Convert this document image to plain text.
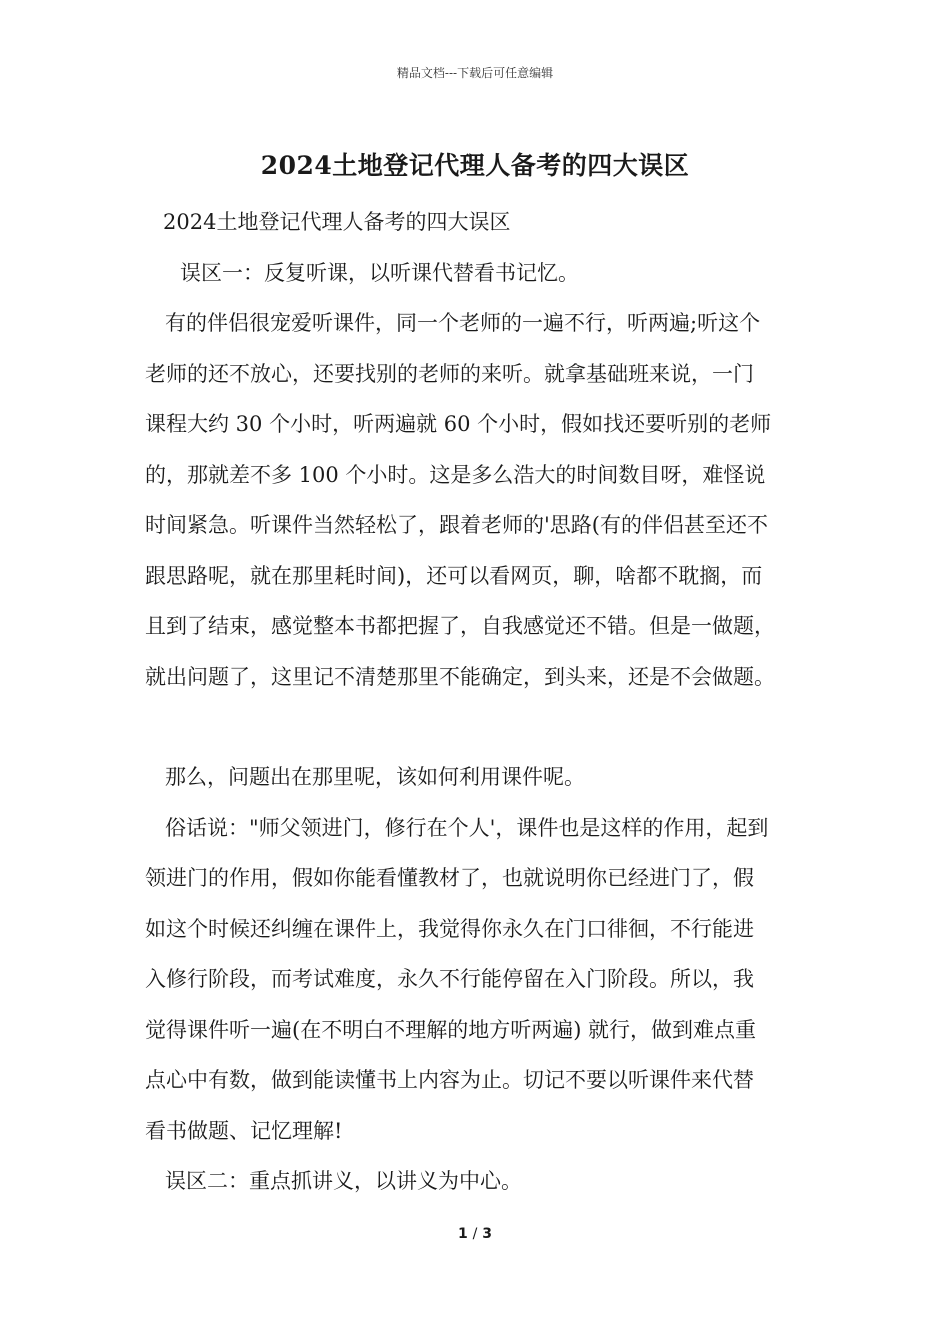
精品文档---下载后可任意编辑
2024土地登记代理人备考的四大误区

2024土地登记代理人备考的四大误区

误区一：反复听课，以听课代替看书记忆。

有的伴侣很宠爱听课件，同一个老师的一遍不行，听两遍;听这个

老师的还不放心，还要找别的老师的来听。就拿基础班来说，一门

课程大约 30 个小时，听两遍就 60 个小时，假如找还要听别的老师

的，那就差不多 100 个小时。这是多么浩大的时间数目呀，难怪说

时间紧急。听课件当然轻松了，跟着老师的'思路(有的伴侣甚至还不

跟思路呢，就在那里耗时间)，还可以看网页，聊，啥都不耽搁，而

且到了结束，感觉整本书都把握了，自我感觉还不错。但是一做题，

就出问题了，这里记不清楚那里不能确定，到头来，还是不会做题。

那么，问题出在那里呢，该如何利用课件呢。

俗话说："师父领进门，修行在个人'，课件也是这样的作用，起到

领进门的作用，假如你能看懂教材了，也就说明你已经进门了，假

如这个时候还纠缠在课件上，我觉得你永久在门口徘徊，不行能进

入修行阶段，而考试难度，永久不行能停留在入门阶段。所以，我

觉得课件听一遍(在不明白不理解的地方听两遍) 就行，做到难点重

点心中有数，做到能读懂书上内容为止。切记不要以听课件来代替

看书做题、记忆理解!

误区二：重点抓讲义，以讲义为中心。

1 / 3
